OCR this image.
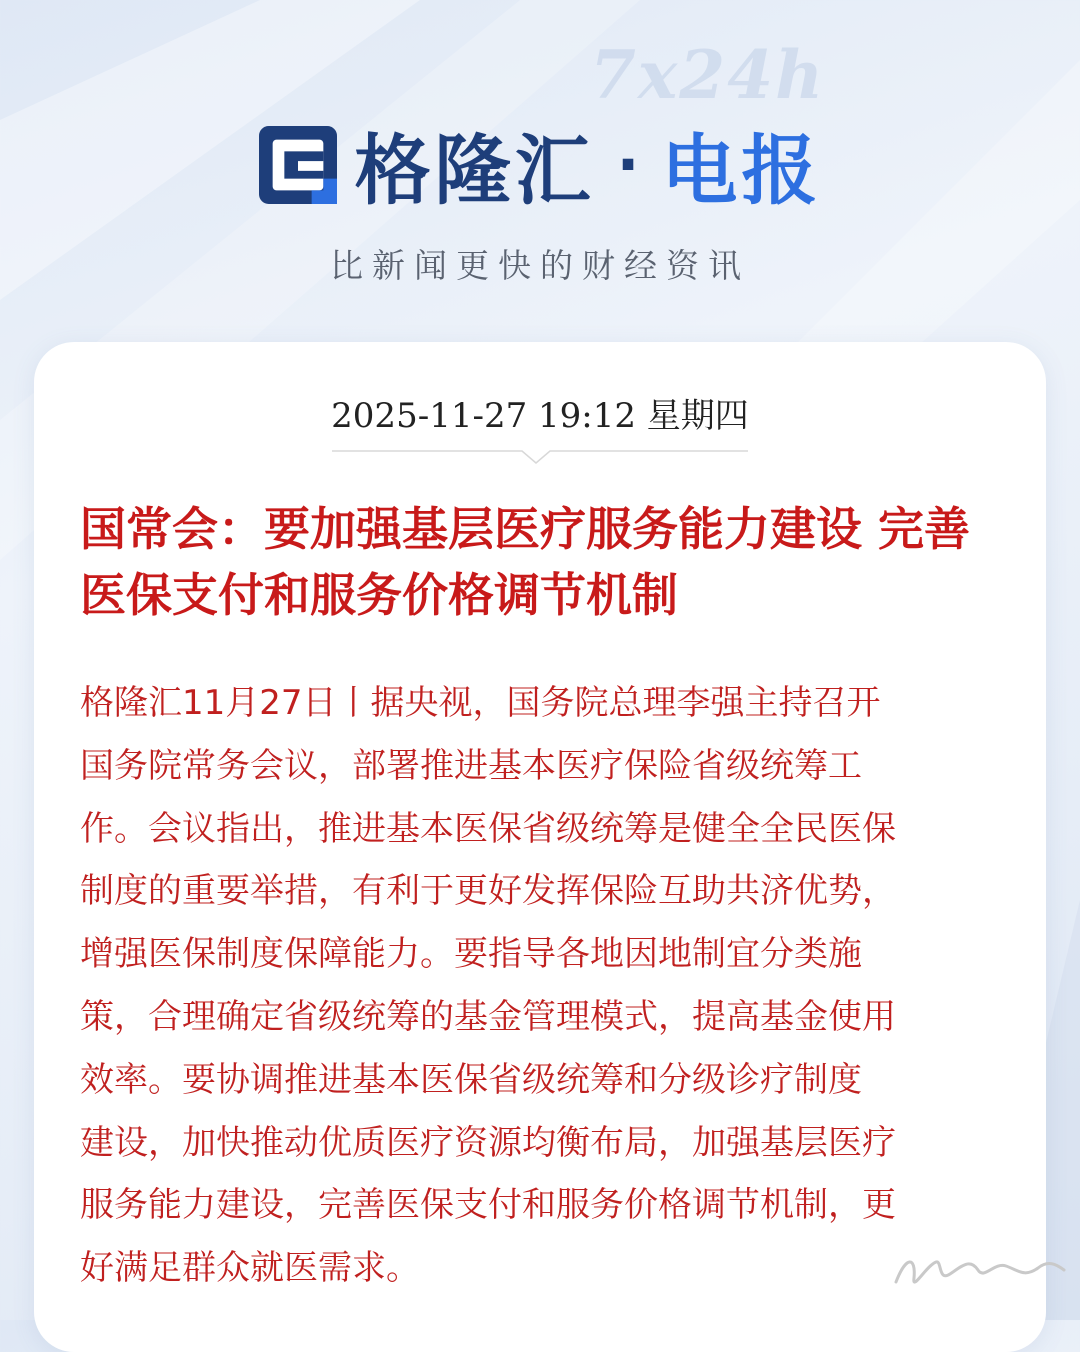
7x24h
格隆汇 · 电报
比新闻更快的财经资讯
2025-11-27 19:12 星期四
国常会：要加强基层医疗服务能力建设 完善医保支付和服务价格调节机制
格隆汇11月27日丨据央视，国务院总理李强主持召开
国务院常务会议，部署推进基本医疗保险省级统筹工
作。会议指出，推进基本医保省级统筹是健全全民医保
制度的重要举措，有利于更好发挥保险互助共济优势，
增强医保制度保障能力。要指导各地因地制宜分类施
策，合理确定省级统筹的基金管理模式，提高基金使用
效率。要协调推进基本医保省级统筹和分级诊疗制度
建设，加快推动优质医疗资源均衡布局，加强基层医疗
服务能力建设，完善医保支付和服务价格调节机制，更
好满足群众就医需求。
